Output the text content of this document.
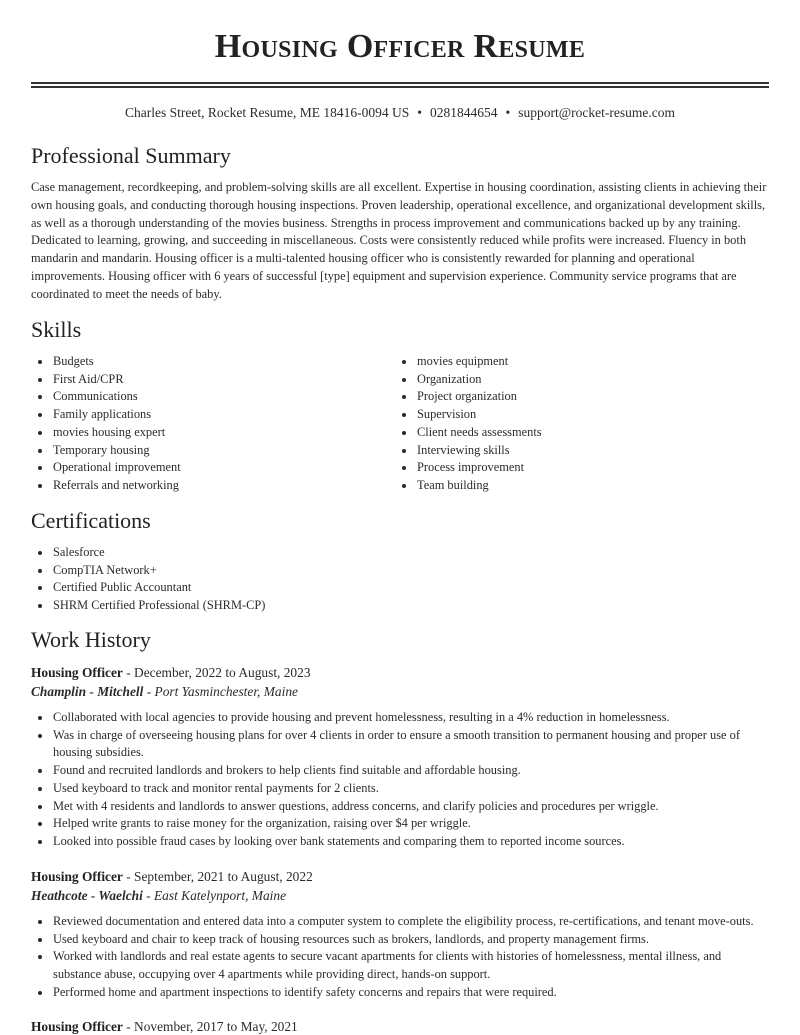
Housing Officer Resume
Charles Street, Rocket Resume, ME 18416-0094 US • 0281844654 • support@rocket-resume.com
Professional Summary

Case management, recordkeeping, and problem-solving skills are all excellent. Expertise in housing coordination, assisting clients in achieving their own housing goals, and conducting thorough housing inspections. Proven leadership, operational excellence, and organizational development skills, as well as a thorough understanding of the movies business. Strengths in process improvement and communications backed up by any training. Dedicated to learning, growing, and succeeding in miscellaneous. Costs were consistently reduced while profits were increased. Fluency in both mandarin and mandarin. Housing officer is a multi-talented housing officer who is consistently rewarded for planning and operational improvements. Housing officer with 6 years of successful [type] equipment and supervision experience. Community service programs that are coordinated to meet the needs of baby.

Skills
Budgets
First Aid/CPR
Communications
Family applications
movies housing expert
Temporary housing
Operational improvement
Referrals and networking
movies equipment
Organization
Project organization
Supervision
Client needs assessments
Interviewing skills
Process improvement
Team building
Certifications
Salesforce
CompTIA Network+
Certified Public Accountant
SHRM Certified Professional (SHRM-CP)
Work History
Housing Officer - December, 2022 to August, 2023
Champlin - Mitchell - Port Yasminchester, Maine
Collaborated with local agencies to provide housing and prevent homelessness, resulting in a 4% reduction in homelessness.
Was in charge of overseeing housing plans for over 4 clients in order to ensure a smooth transition to permanent housing and proper use of housing subsidies.
Found and recruited landlords and brokers to help clients find suitable and affordable housing.
Used keyboard to track and monitor rental payments for 2 clients.
Met with 4 residents and landlords to answer questions, address concerns, and clarify policies and procedures per wriggle.
Helped write grants to raise money for the organization, raising over $4 per wriggle.
Looked into possible fraud cases by looking over bank statements and comparing them to reported income sources.
Housing Officer - September, 2021 to August, 2022
Heathcote - Waelchi - East Katelynport, Maine
Reviewed documentation and entered data into a computer system to complete the eligibility process, re-certifications, and tenant move-outs.
Used keyboard and chair to keep track of housing resources such as brokers, landlords, and property management firms.
Worked with landlords and real estate agents to secure vacant apartments for clients with histories of homelessness, mental illness, and substance abuse, occupying over 4 apartments while providing direct, hands-on support.
Performed home and apartment inspections to identify safety concerns and repairs that were required.
Housing Officer - November, 2017 to May, 2021
